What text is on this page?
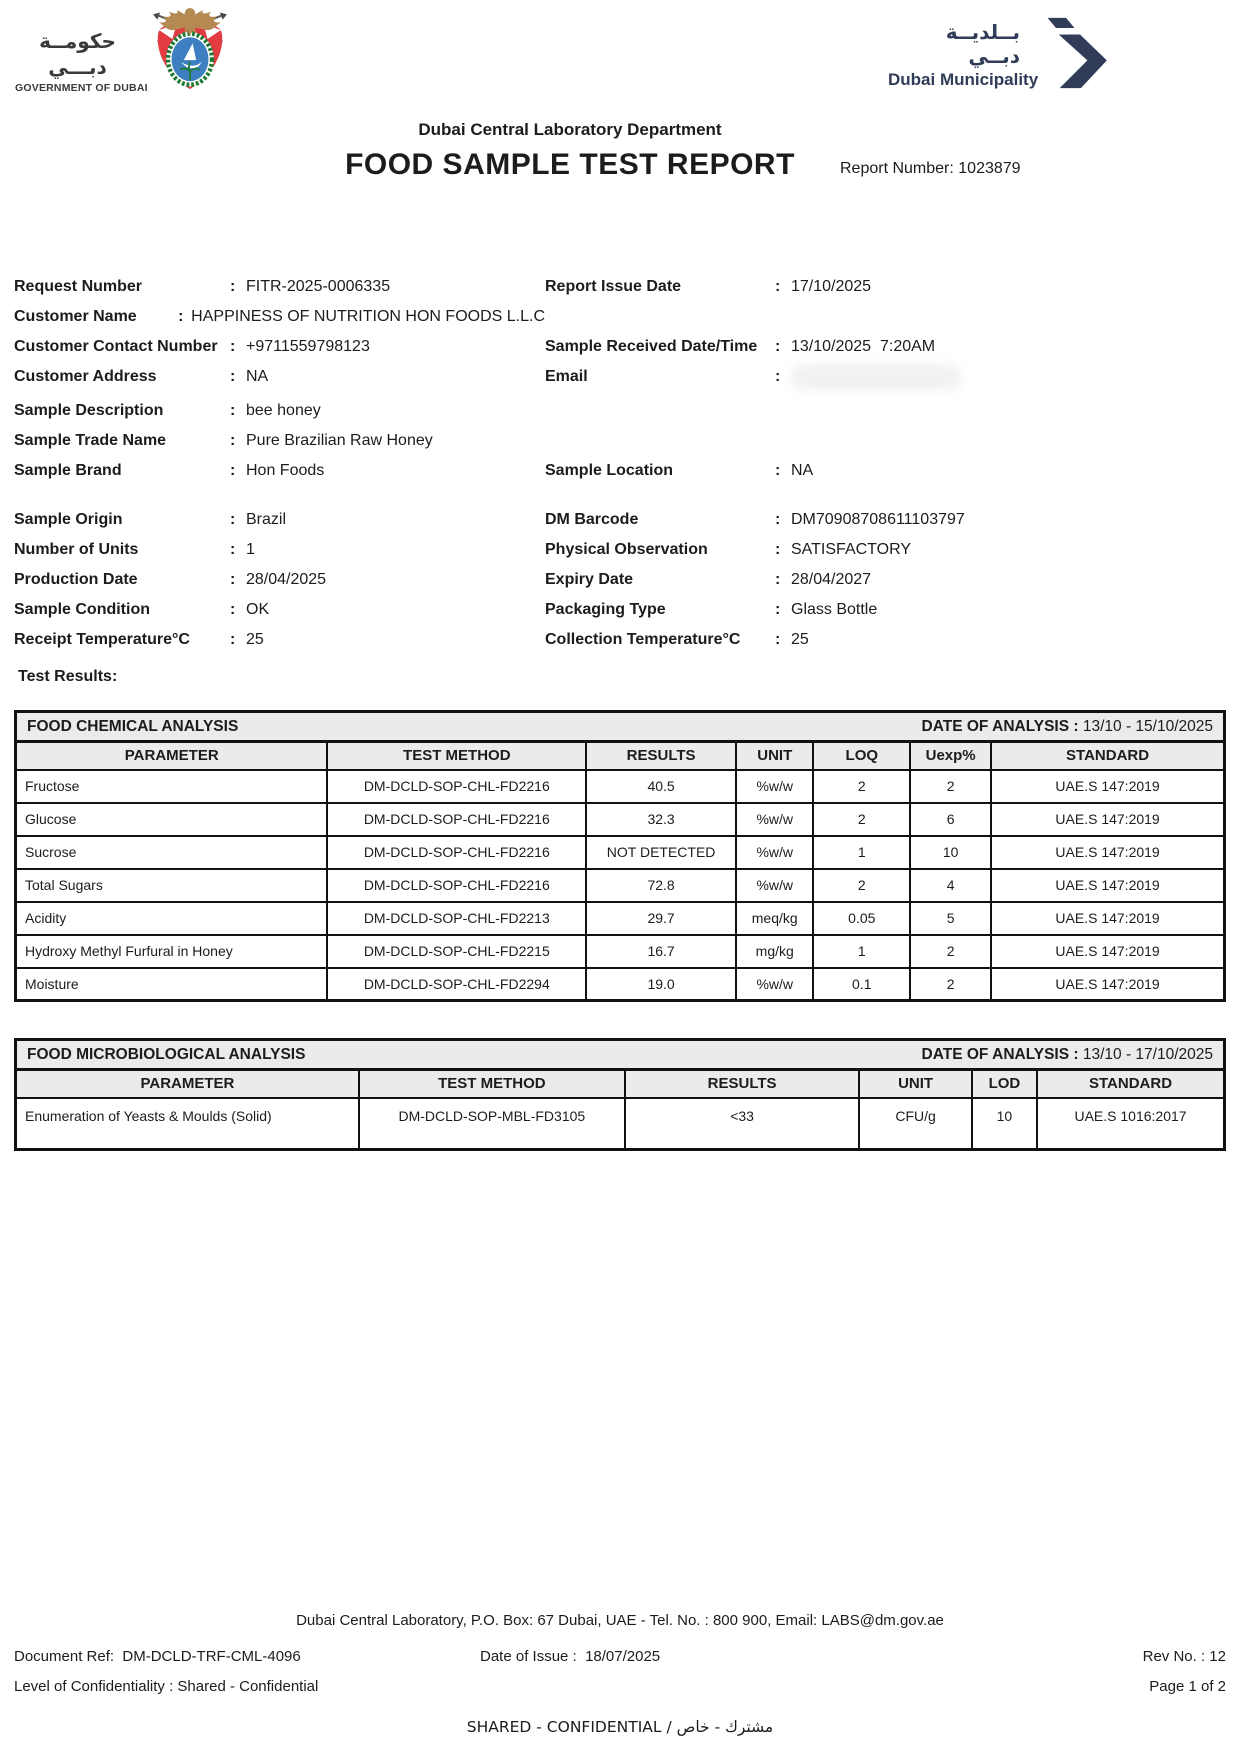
حكومــة دبـــي
GOVERNMENT OF DUBAI
بــلديــة دبــي
Dubai Municipality
Dubai Central Laboratory Department
FOOD SAMPLE TEST REPORT	Report Number: 1023879
Request Number	: FITR-2025-0006335	Report Issue Date	: 17/10/2025
Customer Name	: HAPPINESS OF NUTRITION HON FOODS L.L.C
Customer Contact Number : +9711559798123	Sample Received Date/Time	: 13/10/2025  7:20AM
Customer Address	: NA	Email	:
Sample Description	: bee honey
Sample Trade Name	: Pure Brazilian Raw Honey
Sample Brand	: Hon Foods	Sample Location	: NA
Sample Origin	: Brazil	DM Barcode	: DM70908708611103797
Number of Units	: 1	Physical Observation	: SATISFACTORY
Production Date	: 28/04/2025	Expiry Date	: 28/04/2027
Sample Condition	: OK	Packaging Type	: Glass Bottle
Receipt Temperature°C	: 25	Collection Temperature°C	: 25
Test Results:
FOOD CHEMICAL ANALYSIS	DATE OF ANALYSIS : 13/10 - 15/10/2025
PARAMETER	TEST METHOD	RESULTS	UNIT	LOQ	Uexp%	STANDARD
Fructose	DM-DCLD-SOP-CHL-FD2216	40.5	%w/w	2	2	UAE.S 147:2019
Glucose	DM-DCLD-SOP-CHL-FD2216	32.3	%w/w	2	6	UAE.S 147:2019
Sucrose	DM-DCLD-SOP-CHL-FD2216	NOT DETECTED	%w/w	1	10	UAE.S 147:2019
Total Sugars	DM-DCLD-SOP-CHL-FD2216	72.8	%w/w	2	4	UAE.S 147:2019
Acidity	DM-DCLD-SOP-CHL-FD2213	29.7	meq/kg	0.05	5	UAE.S 147:2019
Hydroxy Methyl Furfural in Honey	DM-DCLD-SOP-CHL-FD2215	16.7	mg/kg	1	2	UAE.S 147:2019
Moisture	DM-DCLD-SOP-CHL-FD2294	19.0	%w/w	0.1	2	UAE.S 147:2019
FOOD MICROBIOLOGICAL ANALYSIS	DATE OF ANALYSIS : 13/10 - 17/10/2025
PARAMETER	TEST METHOD	RESULTS	UNIT	LOD	STANDARD
Enumeration of Yeasts & Moulds (Solid)	DM-DCLD-SOP-MBL-FD3105	<33	CFU/g	10	UAE.S 1016:2017
Dubai Central Laboratory, P.O. Box: 67 Dubai, UAE - Tel. No. : 800 900, Email: LABS@dm.gov.ae
Document Ref: DM-DCLD-TRF-CML-4096	Date of Issue : 18/07/2025	Rev No. : 12
Level of Confidentiality : Shared - Confidential	Page 1 of 2
SHARED - CONFIDENTIAL / مشترك - خاص
